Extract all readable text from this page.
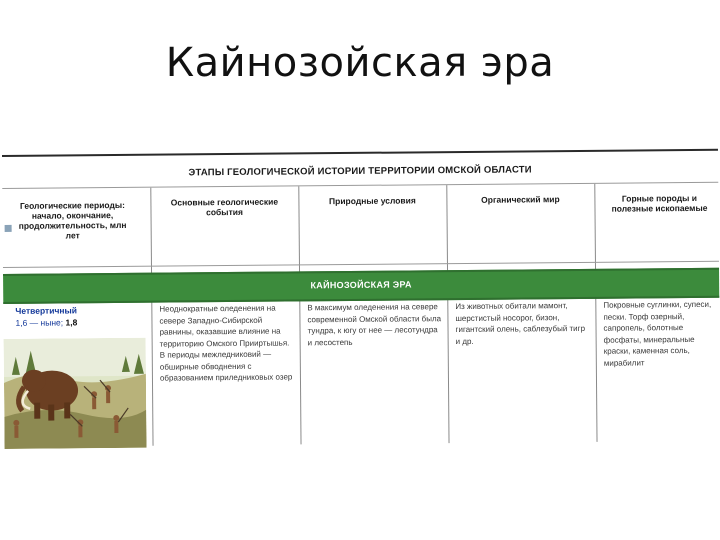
Кайнозойская эра
ЭТАПЫ ГЕОЛОГИЧЕСКОЙ ИСТОРИИ ТЕРРИТОРИИ ОМСКОЙ ОБЛАСТИ
Геологические периоды: начало, окончание, продолжительность, млн лет
Основные геологические события
Природные условия	Органический мир	Горные породы и полезные ископаемые
КАЙНОЗОЙСКАЯ ЭРА
Четвертичный
1,6 — ныне; 1,8
Неоднократные оледенения на севере Западно-Сибирской равнины, оказавшие влияние на территорию Омского Прииртышья. В периоды межледниковий — обширные обводнения с образованием приледниковых озер
В максимум оледенения на севере современной Омской области была тундра, к югу от нее — лесотундра и лесостепь
Из животных обитали мамонт, шерстистый носорог, бизон, гигантский олень, саблезубый тигр и др.
Покровные суглинки, супеси, пески. Торф озерный, сапропель, болотные фосфаты, минеральные краски, каменная соль, мирабилит
